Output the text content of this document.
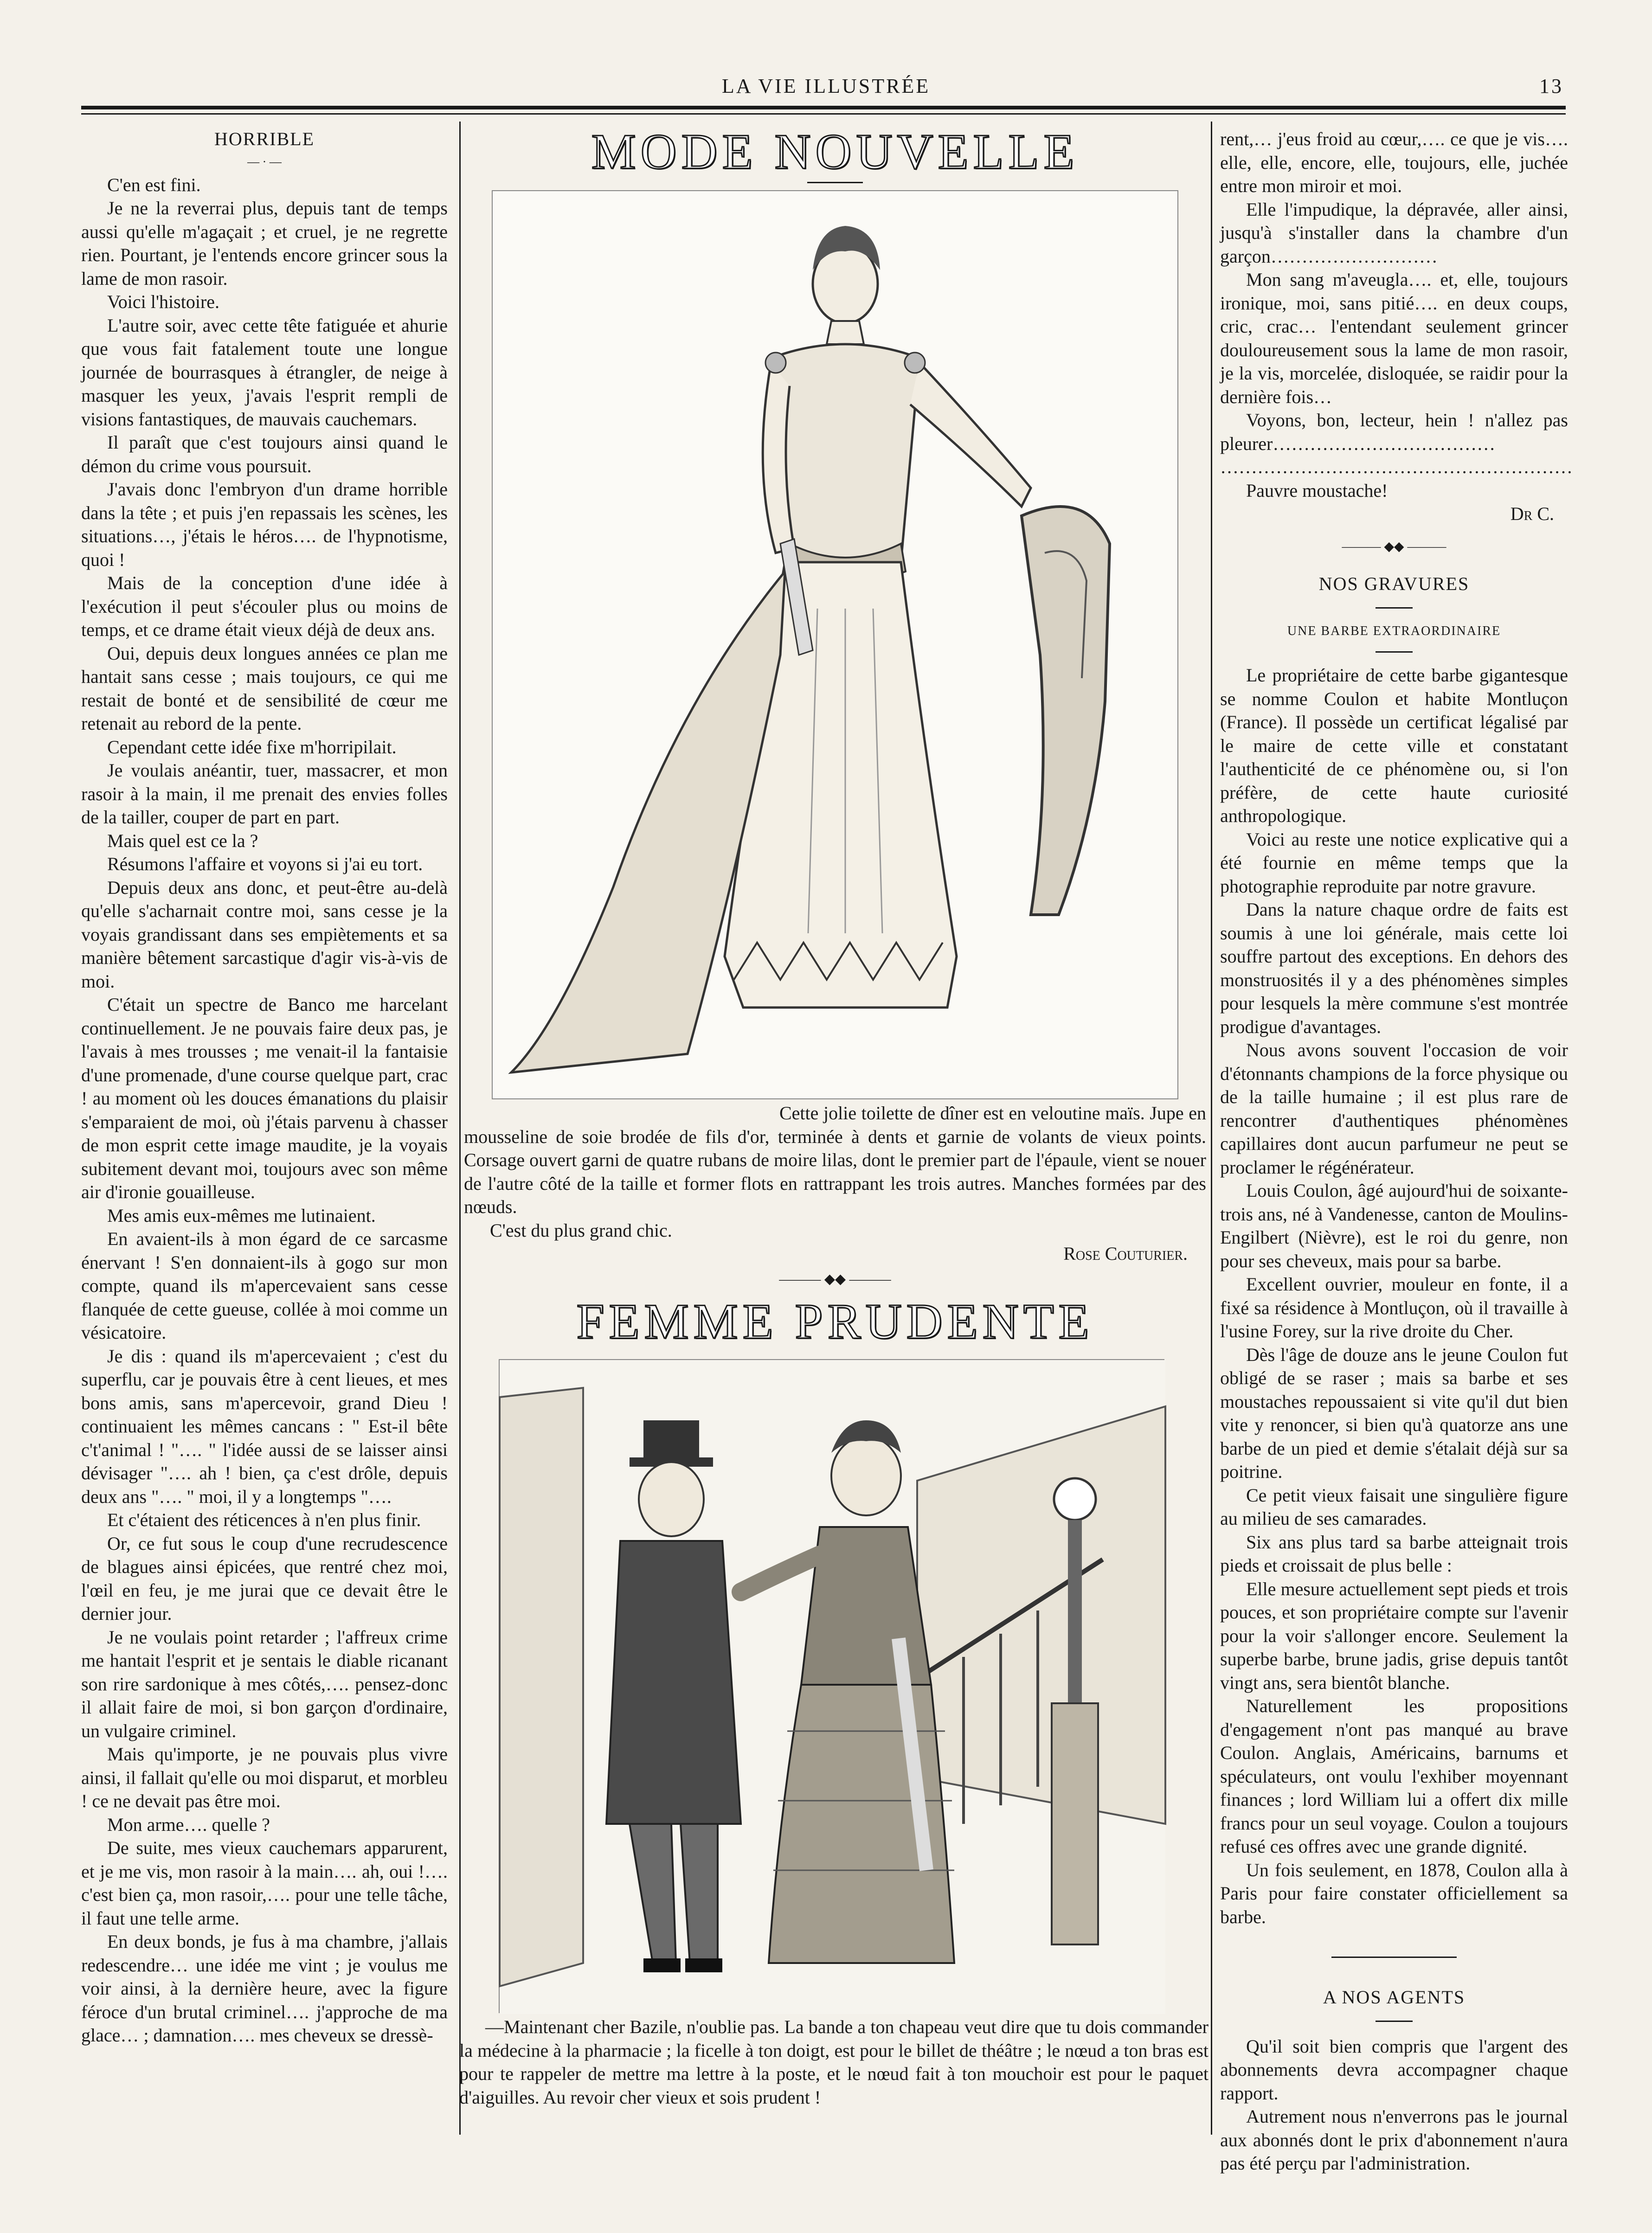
LA VIE ILLUSTRÉE	13
HORRIBLE
— · —

C'en est fini.

Je ne la reverrai plus, depuis tant de temps aussi qu'elle m'agaçait ; et cruel, je ne regrette rien. Pourtant, je l'entends encore grincer sous la lame de mon rasoir.

Voici l'histoire.

L'autre soir, avec cette tête fatiguée et ahurie que vous fait fatalement toute une longue journée de bourrasques à étrangler, de neige à masquer les yeux, j'avais l'esprit rempli de visions fantastiques, de mauvais cauchemars.

Il paraît que c'est toujours ainsi quand le démon du crime vous poursuit.

J'avais donc l'embryon d'un drame horrible dans la tête ; et puis j'en repassais les scènes, les situations…, j'étais le héros…. de l'hypnotisme, quoi !

Mais de la conception d'une idée à l'exécution il peut s'écouler plus ou moins de temps, et ce drame était vieux déjà de deux ans.

Oui, depuis deux longues années ce plan me hantait sans cesse ; mais toujours, ce qui me restait de bonté et de sensibilité de cœur me retenait au rebord de la pente.

Cependant cette idée fixe m'horripilait.

Je voulais anéantir, tuer, massacrer, et mon rasoir à la main, il me prenait des envies folles de la tailler, couper de part en part.

Mais quel est ce la ?

Résumons l'affaire et voyons si j'ai eu tort.

Depuis deux ans donc, et peut-être au-delà qu'elle s'acharnait contre moi, sans cesse je la voyais grandissant dans ses empiètements et sa manière bêtement sarcastique d'agir vis-à-vis de moi.

C'était un spectre de Banco me harcelant continuellement. Je ne pouvais faire deux pas, je l'avais à mes trousses ; me venait-il la fantaisie d'une promenade, d'une course quelque part, crac ! au moment où les douces émanations du plaisir s'emparaient de moi, où j'étais parvenu à chasser de mon esprit cette image maudite, je la voyais subitement devant moi, toujours avec son même air d'ironie gouailleuse.

Mes amis eux-mêmes me lutinaient.

En avaient-ils à mon égard de ce sarcasme énervant ! S'en donnaient-ils à gogo sur mon compte, quand ils m'apercevaient sans cesse flanquée de cette gueuse, collée à moi comme un vésicatoire.

Je dis : quand ils m'apercevaient ; c'est du superflu, car je pouvais être à cent lieues, et mes bons amis, sans m'apercevoir, grand Dieu ! continuaient les mêmes cancans : " Est-il bête c't'animal ! "…. " l'idée aussi de se laisser ainsi dévisager "…. ah ! bien, ça c'est drôle, depuis deux ans "…. " moi, il y a longtemps "….

Et c'étaient des réticences à n'en plus finir.

Or, ce fut sous le coup d'une recrudescence de blagues ainsi épicées, que rentré chez moi, l'œil en feu, je me jurai que ce devait être le dernier jour.

Je ne voulais point retarder ; l'affreux crime me hantait l'esprit et je sentais le diable ricanant son rire sardonique à mes côtés,…. pensez-donc il allait faire de moi, si bon garçon d'ordinaire, un vulgaire criminel.

Mais qu'importe, je ne pouvais plus vivre ainsi, il fallait qu'elle ou moi disparut, et morbleu ! ce ne devait pas être moi.

Mon arme…. quelle ?

De suite, mes vieux cauchemars apparurent, et je me vis, mon rasoir à la main…. ah, oui !…. c'est bien ça, mon rasoir,…. pour une telle tâche, il faut une telle arme.

En deux bonds, je fus à ma chambre, j'allais redescendre… une idée me vint ; je voulus me voir ainsi, à la dernière heure, avec la figure féroce d'un brutal criminel…. j'approche de ma glace… ; damnation…. mes cheveux se dressè-

MODE NOUVELLE

Cette jolie toilette de dîner est en veloutine maïs. Jupe en mousseline de soie brodée de fils d'or, terminée à dents et garnie de volants de vieux points. Corsage ouvert garni de quatre rubans de moire lilas, dont le premier part de l'épaule, vient se nouer de l'autre côté de la taille et former flots en rattrappant les trois autres. Manches formées par des nœuds.

C'est du plus grand chic.

Rose Couturier.
——— ◆◆ ———
FEMME PRUDENTE
—Maintenant cher Bazile, n'oublie pas. La bande a ton chapeau veut dire que tu dois commander la médecine à la pharmacie ; la ficelle à ton doigt, est pour le billet de théâtre ; le nœud a ton bras est pour te rappeler de mettre ma lettre à la poste, et le nœud fait à ton mouchoir est pour le paquet d'aiguilles. Au revoir cher vieux et sois prudent !

rent,… j'eus froid au cœur,…. ce que je vis…. elle, elle, encore, elle, toujours, elle, juchée entre mon miroir et moi.

Elle l'impudique, la dépravée, aller ainsi, jusqu'à s'installer dans la chambre d'un garçon………………………

Mon sang m'aveugla…. et, elle, toujours ironique, moi, sans pitié…. en deux coups, cric, crac… l'entendant seulement grincer douloureusement sous la lame de mon rasoir, je la vis, morcelée, disloquée, se raidir pour la dernière fois…

Voyons, bon, lecteur, hein ! n'allez pas pleurer………………………………

…………………………………………………

Pauvre moustache!

Dr C.
——— ◆◆ ———
NOS GRAVURES
UNE BARBE EXTRAORDINAIRE

Le propriétaire de cette barbe gigantesque se nomme Coulon et habite Montluçon (France). Il possède un certificat légalisé par le maire de cette ville et constatant l'authenticité de ce phénomène ou, si l'on préfère, de cette haute curiosité anthropologique.

Voici au reste une notice explicative qui a été fournie en même temps que la photographie reproduite par notre gravure.

Dans la nature chaque ordre de faits est soumis à une loi générale, mais cette loi souffre partout des exceptions. En dehors des monstruosités il y a des phénomènes simples pour lesquels la mère commune s'est montrée prodigue d'avantages.

Nous avons souvent l'occasion de voir d'étonnants champions de la force physique ou de la taille humaine ; il est plus rare de rencontrer d'authentiques phénomènes capillaires dont aucun parfumeur ne peut se proclamer le régénérateur.

Louis Coulon, âgé aujourd'hui de soixante-trois ans, né à Vandenesse, canton de Moulins-Engilbert (Nièvre), est le roi du genre, non pour ses cheveux, mais pour sa barbe.

Excellent ouvrier, mouleur en fonte, il a fixé sa résidence à Montluçon, où il travaille à l'usine Forey, sur la rive droite du Cher.

Dès l'âge de douze ans le jeune Coulon fut obligé de se raser ; mais sa barbe et ses moustaches repoussaient si vite qu'il dut bien vite y renoncer, si bien qu'à quatorze ans une barbe de un pied et demie s'étalait déjà sur sa poitrine.

Ce petit vieux faisait une singulière figure au milieu de ses camarades.

Six ans plus tard sa barbe atteignait trois pieds et croissait de plus belle :

Elle mesure actuellement sept pieds et trois pouces, et son propriétaire compte sur l'avenir pour la voir s'allonger encore. Seulement la superbe barbe, brune jadis, grise depuis tantôt vingt ans, sera bientôt blanche.

Naturellement les propositions d'engagement n'ont pas manqué au brave Coulon. Anglais, Américains, barnums et spéculateurs, ont voulu l'exhiber moyennant finances ; lord William lui a offert dix mille francs pour un seul voyage. Coulon a toujours refusé ces offres avec une grande dignité.

Un fois seulement, en 1878, Coulon alla à Paris pour faire constater officiellement sa barbe.

A NOS AGENTS

Qu'il soit bien compris que l'argent des abonnements devra accompagner chaque rapport.

Autrement nous n'enverrons pas le journal aux abonnés dont le prix d'abonnement n'aura pas été perçu par l'administration.
